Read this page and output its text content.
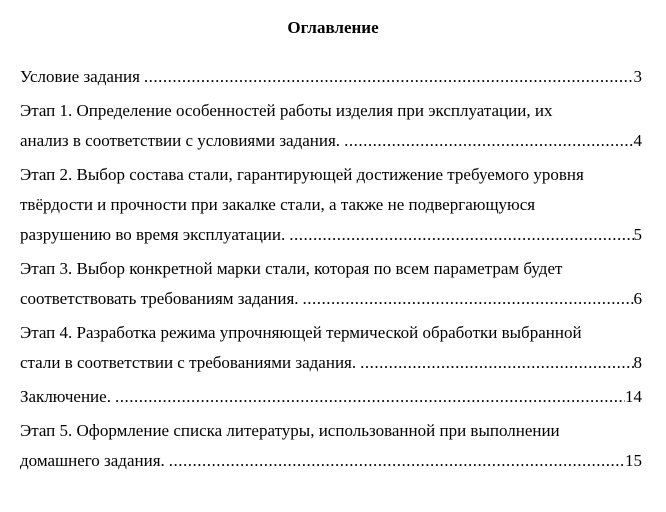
Оглавление
Условие задания .....	3
Этап 1. Определение особенностей работы изделия при эксплуатации, их
анализ в соответствии с условиями задания. .....	4
Этап 2. Выбор состава стали, гарантирующей достижение требуемого уровня
твёрдости и прочности при закалке стали, а также не подвергающуюся
разрушению во время эксплуатации. .....	5
Этап 3. Выбор конкретной марки стали, которая по всем параметрам будет
соответствовать требованиям задания. .....	6
Этап 4. Разработка режима упрочняющей термической обработки выбранной
стали в соответствии с требованиями задания. .....	8
Заключение. .....	14
Этап 5. Оформление списка литературы, использованной при выполнении
домашнего задания. .....	15
